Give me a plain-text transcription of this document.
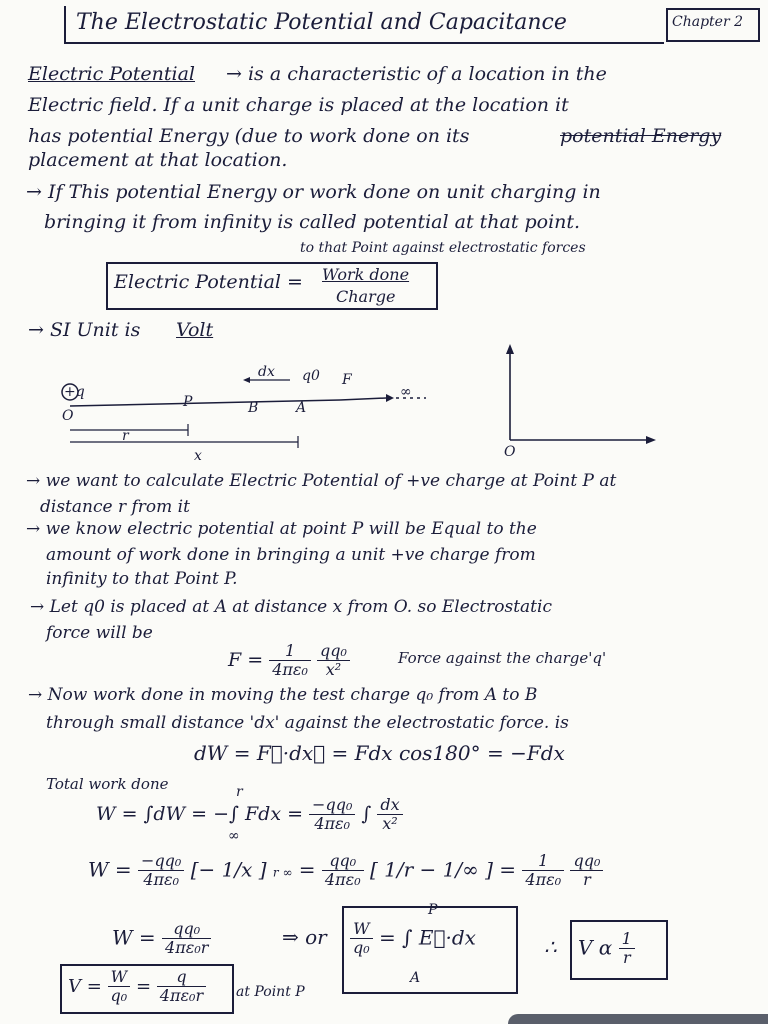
The Electrostatic Potential and Capacitance	Chapter 2
Electric Potential → is a characteristic of a location in the
Electric field. If a unit charge is placed at the location it
has potential Energy (due to work done on its	potential Energy
placement at that location.
→ If This potential Energy or work done on unit charging in
bringing it from infinity is called potential at that point.
to that Point against electrostatic forces
Electric Potential = Work done
Charge
→ SI Unit is Volt
+q
O
P	B	A
dx q0 F
∞
r
x	O
→ we want to calculate Electric Potential of +ve charge at Point P at
distance r from it
→ we know electric potential at point P will be Equal to the
amount of work done in bringing a unit +ve charge from
infinity to that Point P.
→ Let q0 is placed at A at distance x from O. so Electrostatic
force will be
$F = \frac{1}{\text{4πε₀}}$
$\frac{\text{qq₀}}{\text{x²}}$	Force against the charge'q'
→ Now work done in moving the test charge q₀ from A to B
through small distance 'dx' against the electrostatic force. is
dW = F⃗·dx⃗ = Fdx cos180° = −Fdx
Total work done
W = ∫dW = −∫ Fdx = $\frac{\text{−qq₀}}{\text{4πε₀}}$ ∫ $\frac{dx}{\text{x²}}$
r
∞
$W = \frac{\text{−qq₀}}{\text{4πε₀}}$ [− 1/x ] r ∞ = $\frac{\text{qq₀}}{\text{4πε₀}}$ [ 1/r − 1/∞ ] = $\frac{1}{\text{4πε₀}}$
$\frac{\text{qq₀}}{r}$
$W = \frac{\text{qq₀}}{\text{4πε₀r}}$	⇒ or $\frac{W}{\text{q₀}}$ = ∫ E⃗·dx
P
A
∴ V α $\frac{1}{r}$
$V = \frac{W}{\text{q₀}} = \frac{q}{\text{4πε₀r}}$ at Point P
